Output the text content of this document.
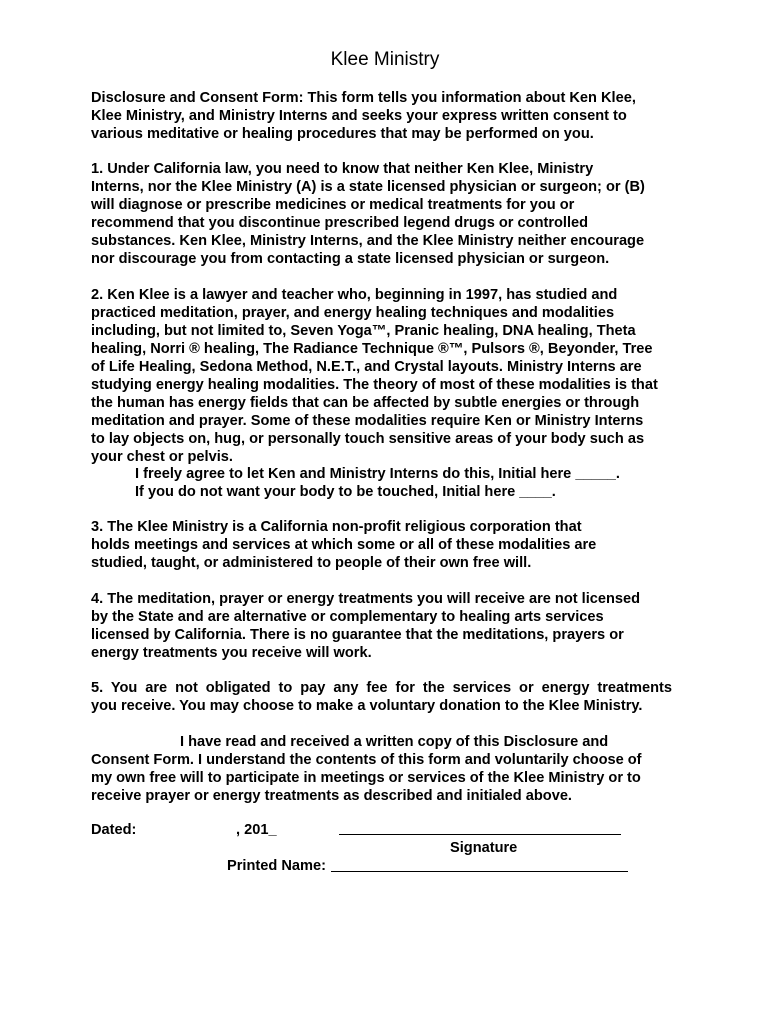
Klee Ministry
Disclosure and Consent Form: This form tells you information about Ken Klee,
Klee Ministry, and Ministry Interns and seeks your express written consent to
various meditative or healing procedures that may be performed on you.
1. Under California law, you need to know that neither Ken Klee, Ministry
Interns, nor the Klee Ministry (A) is a state licensed physician or surgeon; or (B)
will diagnose or prescribe medicines or medical treatments for you or
recommend that you discontinue prescribed legend drugs or controlled
substances. Ken Klee, Ministry Interns, and the Klee Ministry neither encourage
nor discourage you from contacting a state licensed physician or surgeon.
2. Ken Klee is a lawyer and teacher who, beginning in 1997, has studied and
practiced meditation, prayer, and energy healing techniques and modalities
including, but not limited to, Seven Yoga™, Pranic healing, DNA healing, Theta
healing, Norri ® healing, The Radiance Technique ®™, Pulsors ®, Beyonder, Tree
of Life Healing, Sedona Method, N.E.T., and Crystal layouts. Ministry Interns are
studying energy healing modalities. The theory of most of these modalities is that
the human has energy fields that can be affected by subtle energies or through
meditation and prayer. Some of these modalities require Ken or Ministry Interns
to lay objects on, hug, or personally touch sensitive areas of your body such as
your chest or pelvis.
I freely agree to let Ken and Ministry Interns do this, Initial here _____.
If you do not want your body to be touched, Initial here ____.
3. The Klee Ministry is a California non-profit religious corporation that
holds meetings and services at which some or all of these modalities are
studied, taught, or administered to people of their own free will.
4. The meditation, prayer or energy treatments you will receive are not licensed
by the State and are alternative or complementary to healing arts services
licensed by California. There is no guarantee that the meditations, prayers or
energy treatments you receive will work.
5. You are not obligated to pay any fee for the services or energy treatments
you receive. You may choose to make a voluntary donation to the Klee Ministry.
I have read and received a written copy of this Disclosure and
Consent Form. I understand the contents of this form and voluntarily choose of
my own free will to participate in meetings or services of the Klee Ministry or to
receive prayer or energy treatments as described and initialed above.
Dated:	, 201_
Signature
Printed Name:
